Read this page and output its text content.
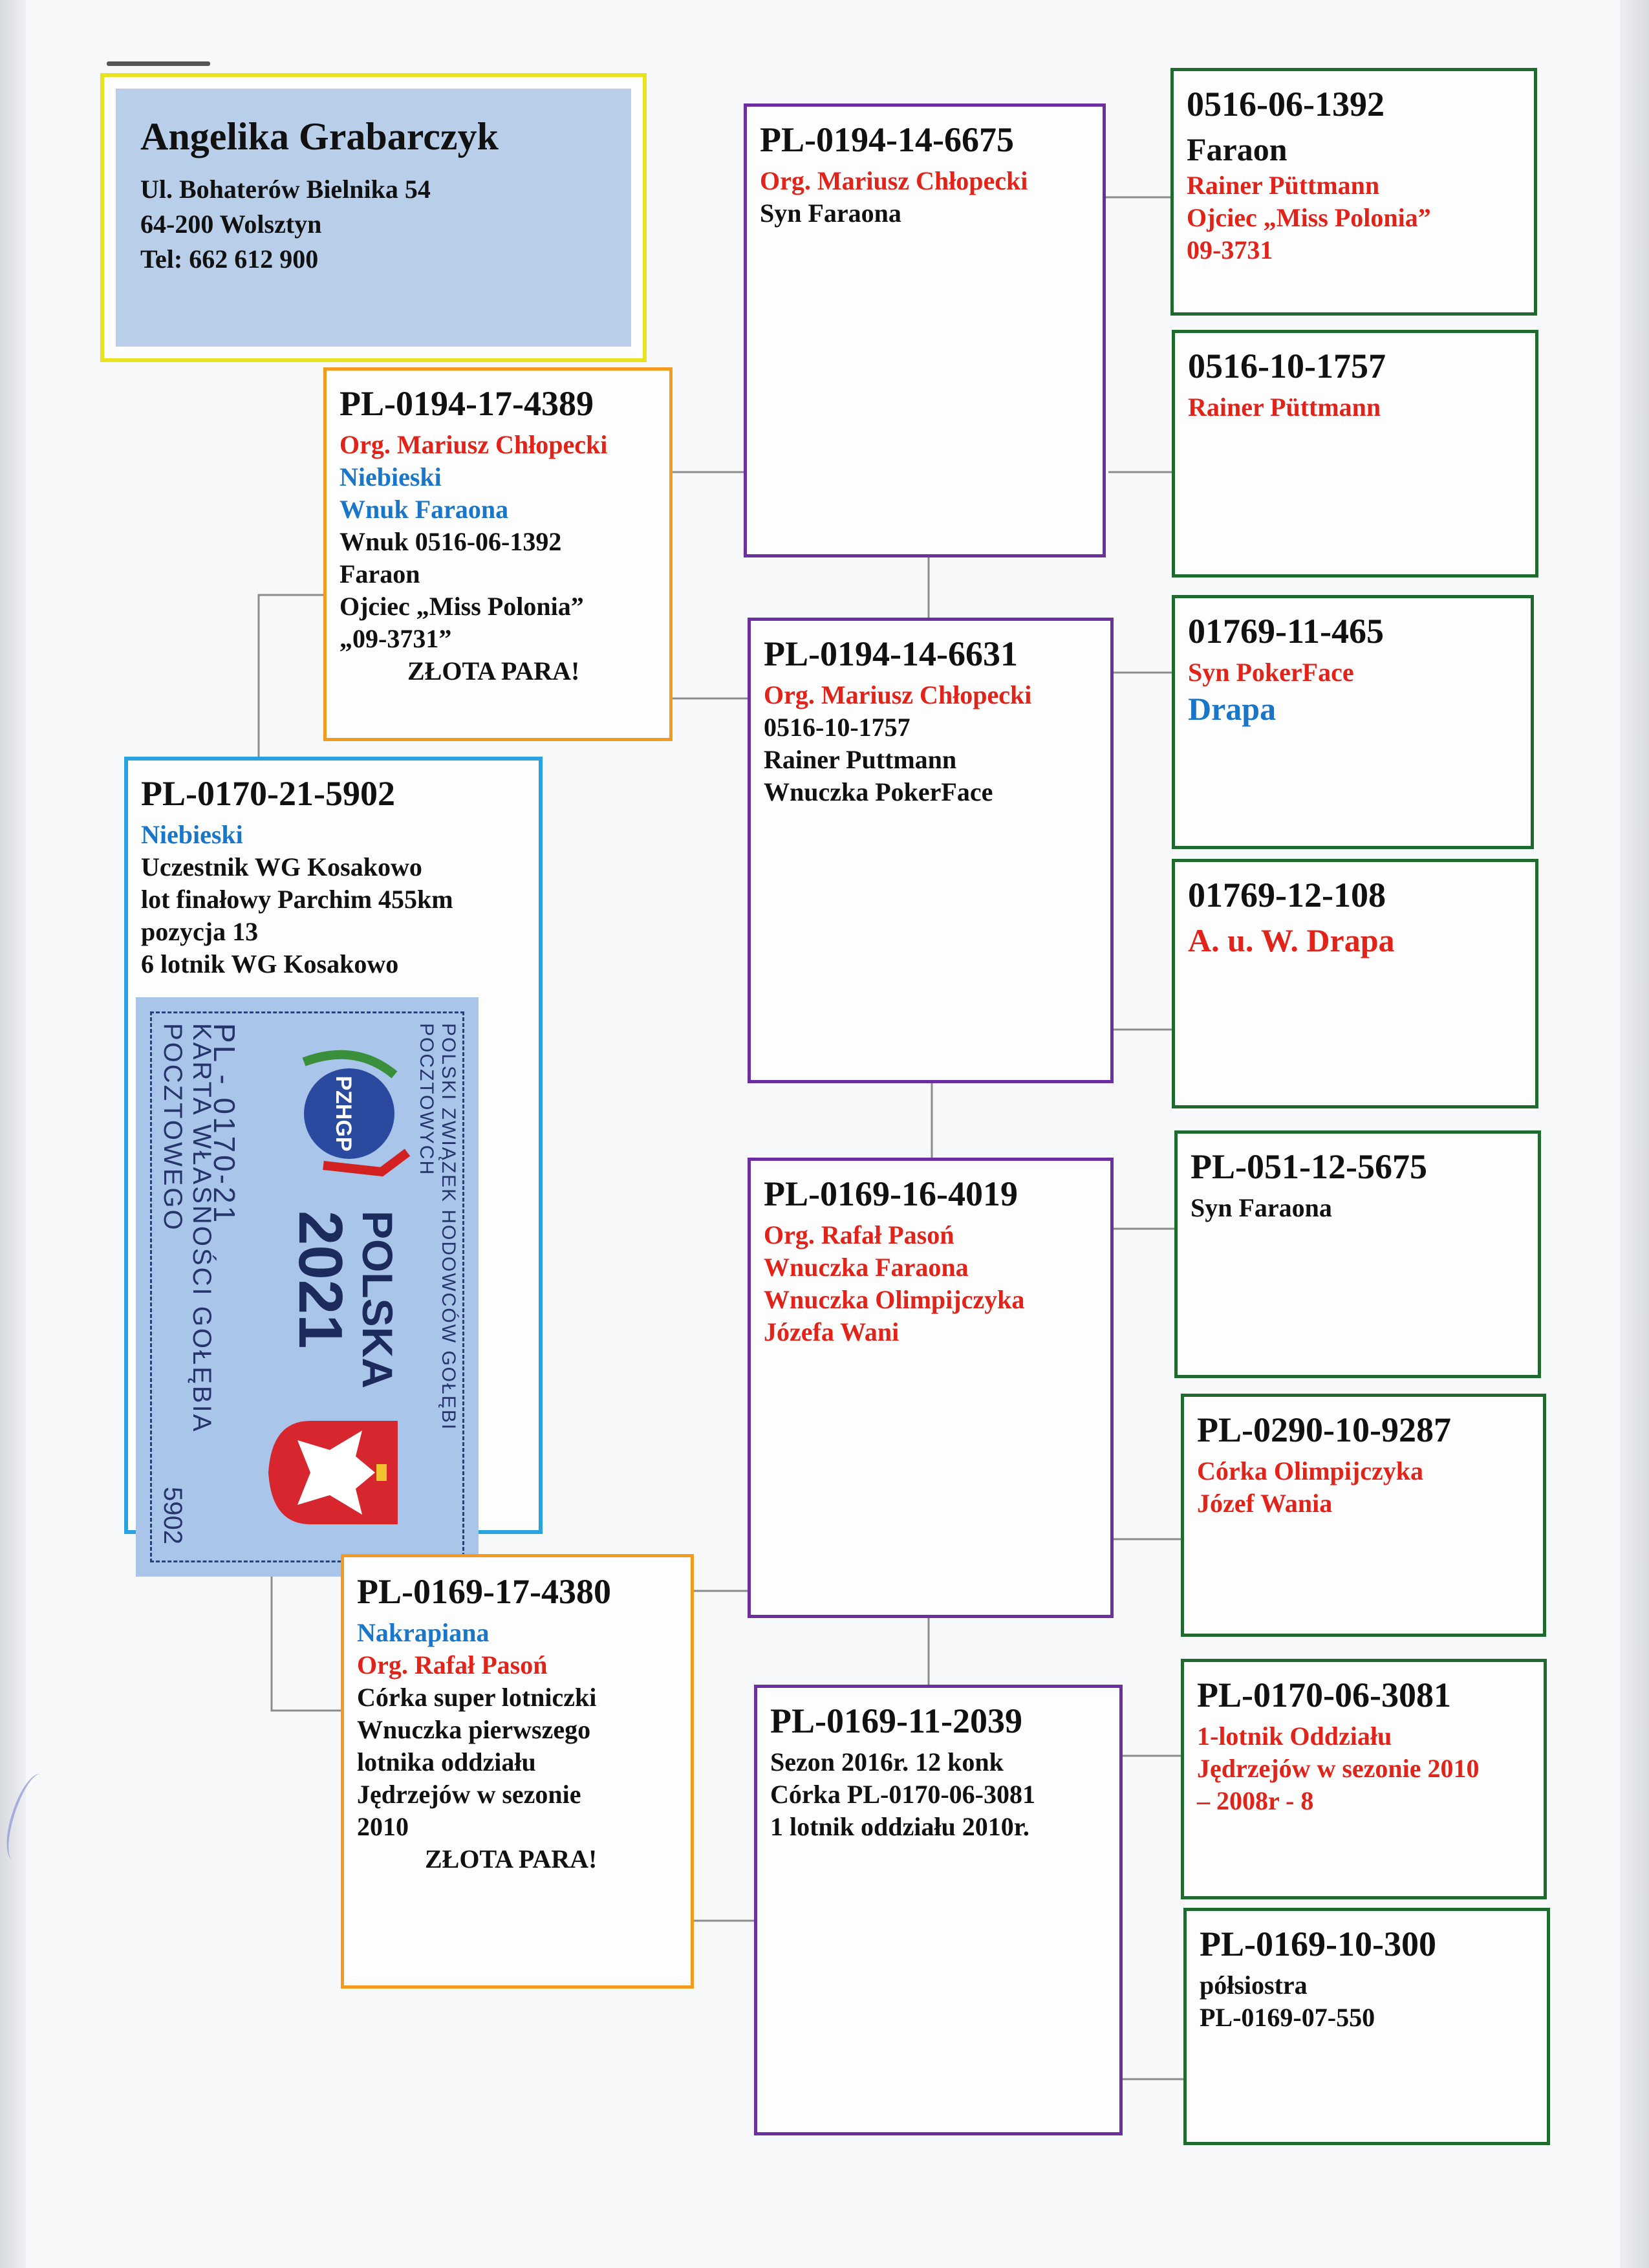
Angelika Grabarczyk
Ul. Bohaterów Bielnika 54
64-200 Wolsztyn
Tel: 662 612 900
PL-0170-21-5902
Niebieski
Uczestnik WG Kosakowo
lot finałowy Parchim 455km
pozycja 13
6 lotnik WG Kosakowo
POLSKI ZWIĄZEK HODOWCÓW GOŁĘBI POCZTOWYCH
PZHGP
POLSKA
2021
PL - 0170-21
KARTA WŁASNOŚCI GOŁĘBIA POCZTOWEGO
5902
PL-0194-17-4389
Org. Mariusz Chłopecki
Niebieski
Wnuk Faraona
Wnuk 0516-06-1392
Faraon
Ojciec „Miss Polonia”
„09-3731”
ZŁOTA PARA!
PL-0169-17-4380
Nakrapiana
Org. Rafał Pasoń
Córka super lotniczki
Wnuczka pierwszego
lotnika oddziału
Jędrzejów w sezonie
2010
ZŁOTA PARA!
PL-0194-14-6675
Org. Mariusz Chłopecki
Syn Faraona
PL-0194-14-6631
Org. Mariusz Chłopecki
0516-10-1757
Rainer Puttmann
Wnuczka PokerFace
PL-0169-16-4019
Org. Rafał Pasoń
Wnuczka Faraona
Wnuczka Olimpijczyka
Józefa Wani
PL-0169-11-2039
Sezon 2016r. 12 konk
Córka PL-0170-06-3081
1 lotnik oddziału 2010r.
0516-06-1392
Faraon
Rainer Püttmann
Ojciec „Miss Polonia”
09-3731
0516-10-1757
Rainer Püttmann
01769-11-465
Syn PokerFace
Drapa
01769-12-108
A. u. W. Drapa
PL-051-12-5675
Syn Faraona
PL-0290-10-9287
Córka Olimpijczyka
Józef Wania
PL-0170-06-3081
1-lotnik Oddziału
Jędrzejów w sezonie 2010
– 2008r - 8
PL-0169-10-300
półsiostra
PL-0169-07-550
